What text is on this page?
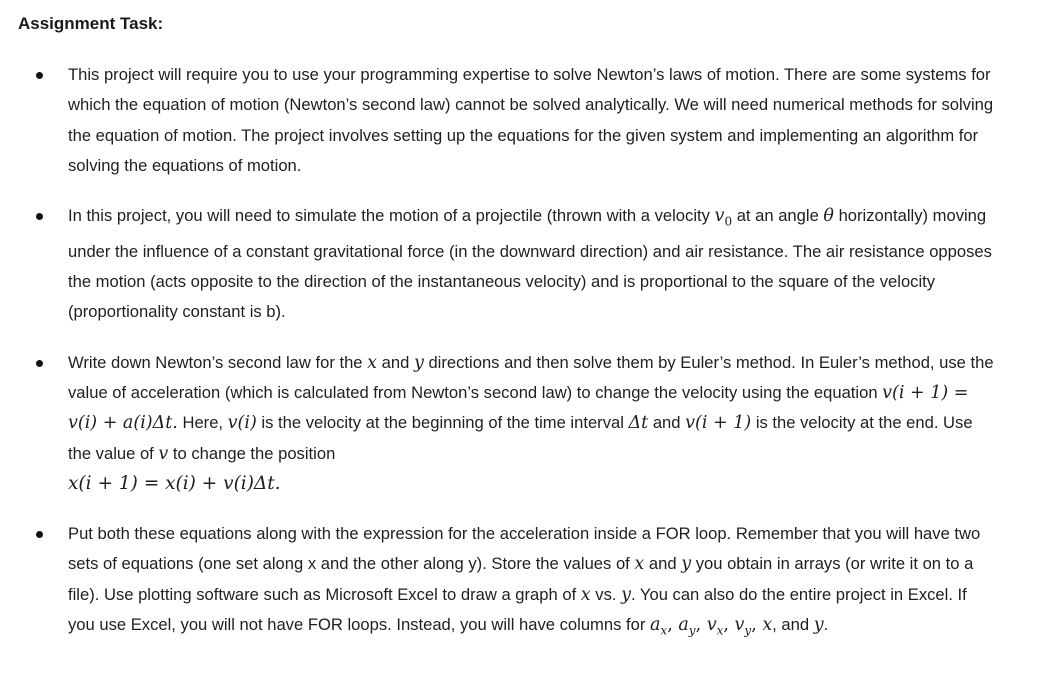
Assignment Task:
This project will require you to use your programming expertise to solve Newton’s laws of motion. There are some systems for which the equation of motion (Newton’s second law) cannot be solved analytically. We will need numerical methods for solving the equation of motion. The project involves setting up the equations for the given system and implementing an algorithm for solving the equations of motion.
In this project, you will need to simulate the motion of a projectile (thrown with a velocity $v_0$ at an angle θ horizontally) moving under the influence of a constant gravitational force (in the downward direction) and air resistance. The air resistance opposes the motion (acts opposite to the direction of the instantaneous velocity) and is proportional to the square of the velocity (proportionality constant is b).
Write down Newton’s second law for the x and y directions and then solve them by Euler’s method. In Euler’s method, use the value of acceleration (which is calculated from Newton’s second law) to change the velocity using the equation v(i + 1) = v(i) + a(i)Δt. Here, v(i) is the velocity at the beginning of the time interval Δt and v(i + 1) is the velocity at the end. Use the value of v to change the position
x(i + 1) = x(i) + v(i)Δt.
Put both these equations along with the expression for the acceleration inside a FOR loop. Remember that you will have two sets of equations (one set along x and the other along y). Store the values of x and y you obtain in arrays (or write it on to a file). Use plotting software such as Microsoft Excel to draw a graph of x vs. y. You can also do the entire project in Excel. If you use Excel, you will not have FOR loops. Instead, you will have columns for $a_x$, $a_y$, $v_x$, $v_y$, x, and y.
